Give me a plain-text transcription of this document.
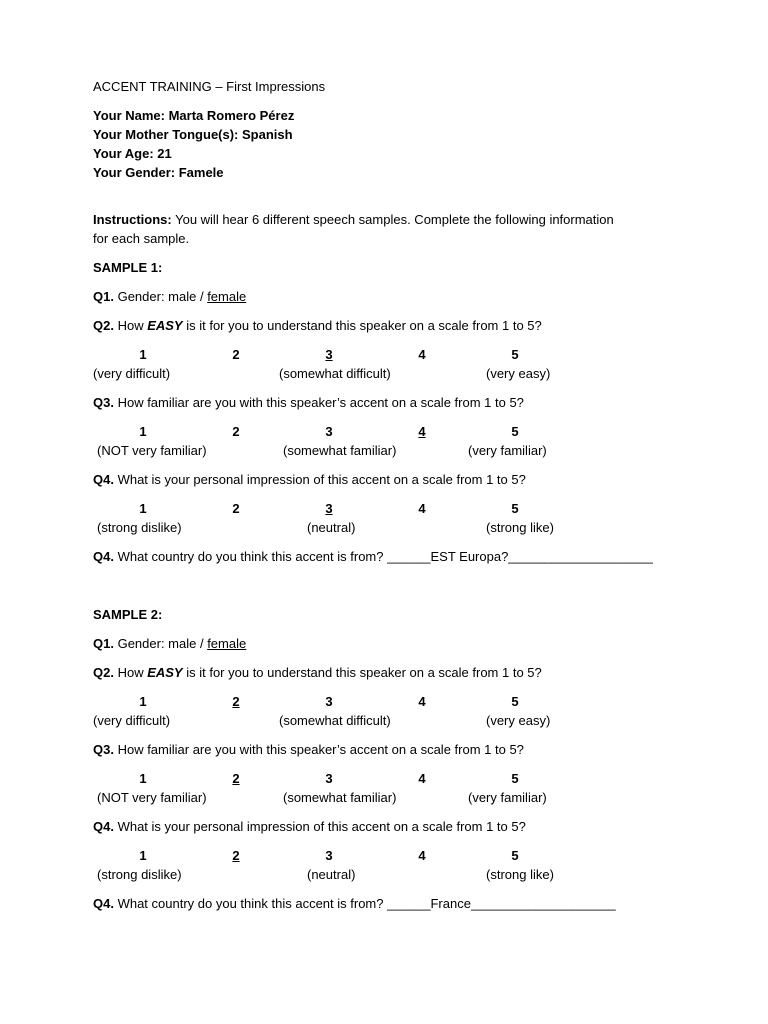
ACCENT TRAINING – First Impressions
Your Name: Marta Romero Pérez
Your Mother Tongue(s): Spanish
Your Age: 21
Your Gender: Famele
Instructions: You will hear 6 different speech samples. Complete the following information
for each sample.
SAMPLE 1:
Q1. Gender: male / female
Q2. How EASY is it for you to understand this speaker on a scale from 1 to 5?
1	2	3	4	5
(very difficult)	(somewhat difficult)	(very easy)
Q3. How familiar are you with this speaker’s accent on a scale from 1 to 5?
1	2	3	4	5
(NOT very familiar)	(somewhat familiar)	(very familiar)
Q4. What is your personal impression of this accent on a scale from 1 to 5?
1	2	3	4	5
(strong dislike)	(neutral)	(strong like)
Q4. What country do you think this accent is from? ______EST Europa?____________________
SAMPLE 2:
Q1. Gender: male / female
Q2. How EASY is it for you to understand this speaker on a scale from 1 to 5?
1	2	3	4	5
(very difficult)	(somewhat difficult)	(very easy)
Q3. How familiar are you with this speaker’s accent on a scale from 1 to 5?
1	2	3	4	5
(NOT very familiar)	(somewhat familiar)	(very familiar)
Q4. What is your personal impression of this accent on a scale from 1 to 5?
1	2	3	4	5
(strong dislike)	(neutral)	(strong like)
Q4. What country do you think this accent is from? ______France____________________
